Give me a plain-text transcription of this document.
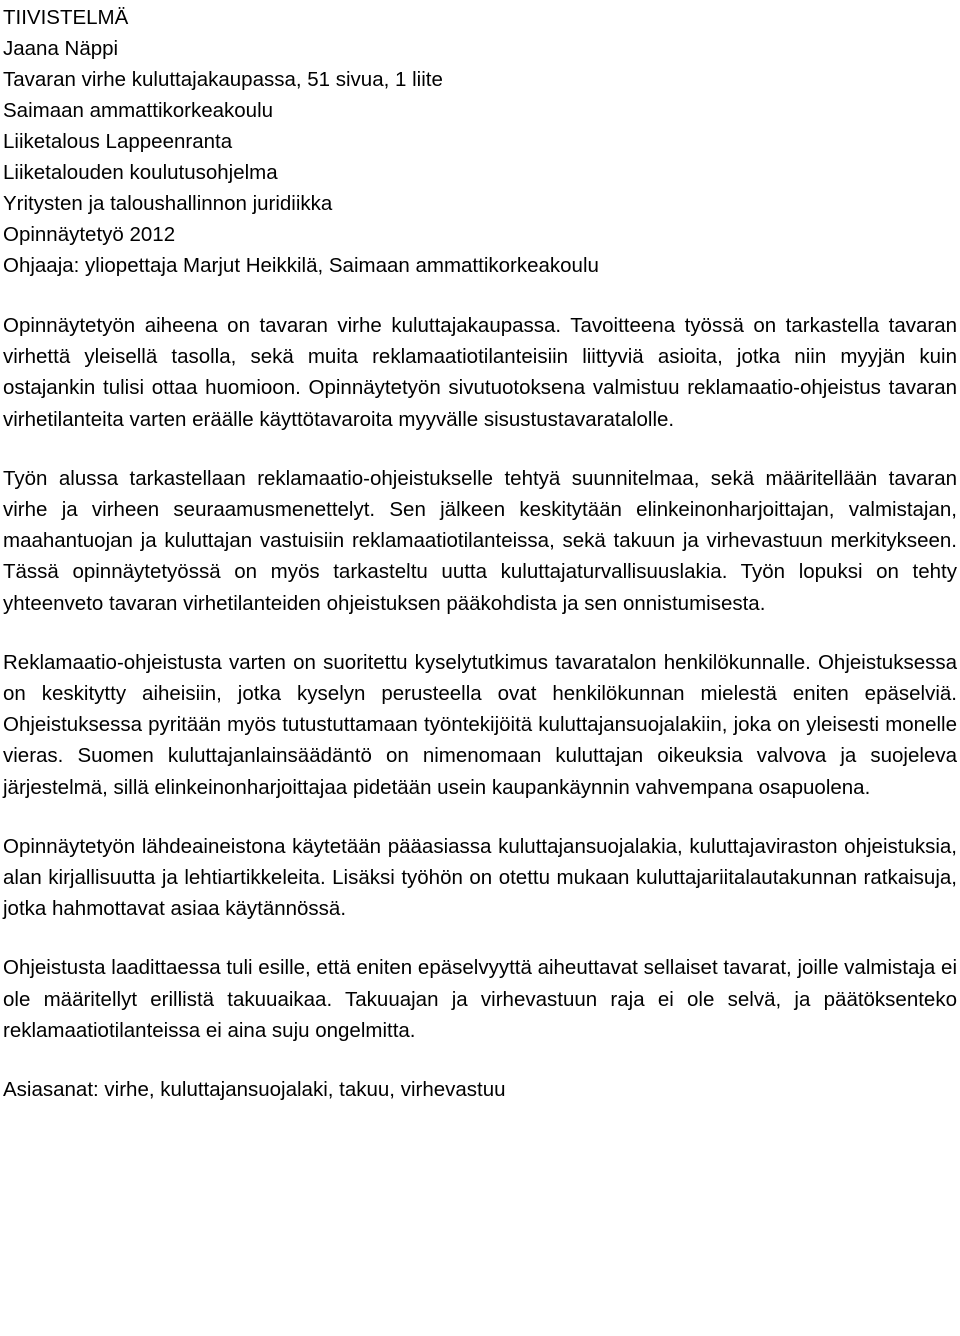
TIIVISTELMÄ

Jaana Näppi

Tavaran virhe kuluttajakaupassa, 51 sivua, 1 liite

Saimaan ammattikorkeakoulu

Liiketalous Lappeenranta

Liiketalouden koulutusohjelma

Yritysten ja taloushallinnon juridiikka

Opinnäytetyö 2012

Ohjaaja: yliopettaja Marjut Heikkilä, Saimaan ammattikorkeakoulu

Opinnäytetyön aiheena on tavaran virhe kuluttajakaupassa. Tavoitteena työssä on tarkastella tavaran virhettä yleisellä tasolla, sekä muita reklamaatiotilanteisiin liittyviä asioita, jotka niin myyjän kuin ostajankin tulisi ottaa huomioon. Opinnäytetyön sivutuotoksena valmistuu reklamaatio-ohjeistus tavaran virhetilanteita varten eräälle käyttötavaroita myyvälle sisustustavaratalolle.

Työn alussa tarkastellaan reklamaatio-ohjeistukselle tehtyä suunnitelmaa, sekä määritellään tavaran virhe ja virheen seuraamusmenettelyt. Sen jälkeen keskitytään elinkeinonharjoittajan, valmistajan, maahantuojan ja kuluttajan vastuisiin reklamaatiotilanteissa, sekä takuun ja virhevastuun merkitykseen. Tässä opinnäytetyössä on myös tarkasteltu uutta kuluttajaturvallisuuslakia. Työn lopuksi on tehty yhteenveto tavaran virhetilanteiden ohjeistuksen pääkohdista ja sen onnistumisesta.

Reklamaatio-ohjeistusta varten on suoritettu kyselytutkimus tavaratalon henkilökunnalle. Ohjeistuksessa on keskitytty aiheisiin, jotka kyselyn perusteella ovat henkilökunnan mielestä eniten epäselviä. Ohjeistuksessa pyritään myös tutustuttamaan työntekijöitä kuluttajansuojalakiin, joka on yleisesti monelle vieras. Suomen kuluttajanlainsäädäntö on nimenomaan kuluttajan oikeuksia valvova ja suojeleva järjestelmä, sillä elinkeinonharjoittajaa pidetään usein kaupankäynnin vahvempana osapuolena.

Opinnäytetyön lähdeaineistona käytetään pääasiassa kuluttajansuojalakia, kuluttajaviraston ohjeistuksia, alan kirjallisuutta ja lehtiartikkeleita. Lisäksi työhön on otettu mukaan kuluttajariitalautakunnan ratkaisuja, jotka hahmottavat asiaa käytännössä.

Ohjeistusta laadittaessa tuli esille, että eniten epäselvyyttä aiheuttavat sellaiset tavarat, joille valmistaja ei ole määritellyt erillistä takuuaikaa. Takuuajan ja virhevastuun raja ei ole selvä, ja päätöksenteko reklamaatiotilanteissa ei aina suju ongelmitta.

Asiasanat: virhe, kuluttajansuojalaki, takuu, virhevastuu
